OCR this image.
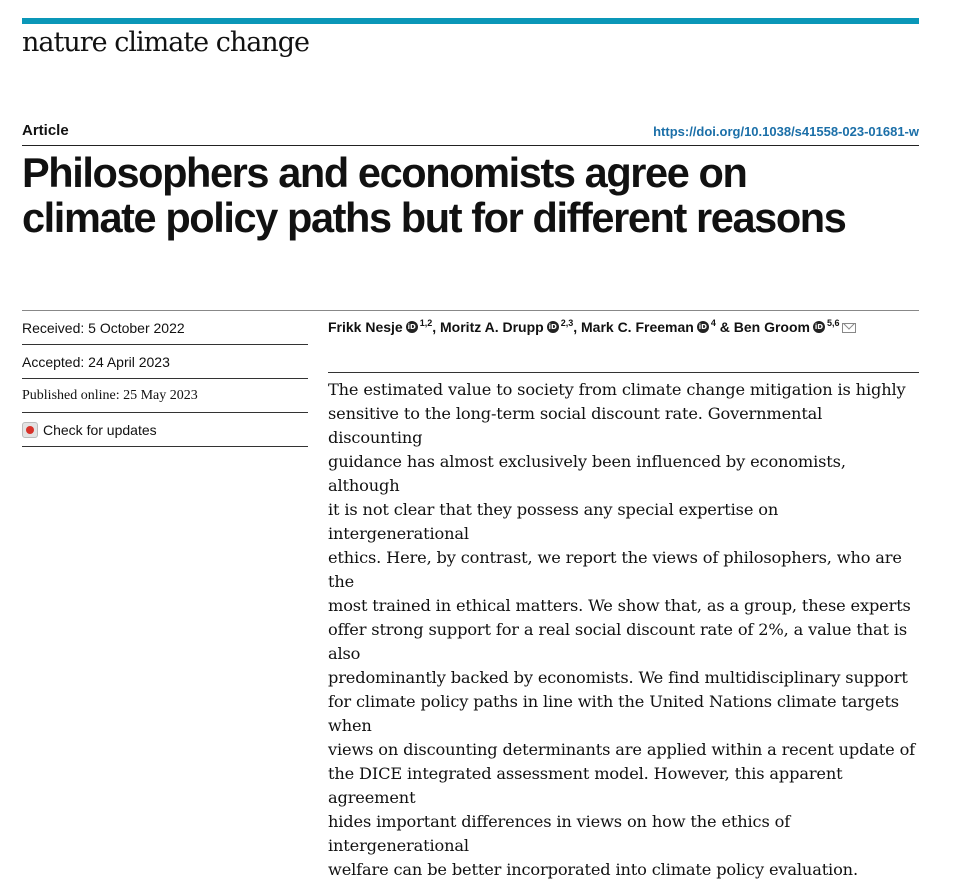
nature climate change
Article	https://doi.org/10.1038/s41558-023-01681-w
Philosophers and economists agree on
climate policy paths but for different reasons
Received: 5 October 2022
Accepted: 24 April 2023
Published online: 25 May 2023
Check for updates
Frikk Nesje iD $^{1,2}$ , Moritz A. Drupp iD $^{2,3}$ , Mark C. Freeman iD $^4$ & Ben Groom iD $^{5,6}$

The estimated value to society from climate change mitigation is highly
sensitive to the long-term social discount rate. Governmental discounting
guidance has almost exclusively been influenced by economists, although
it is not clear that they possess any special expertise on intergenerational
ethics. Here, by contrast, we report the views of philosophers, who are the
most trained in ethical matters. We show that, as a group, these experts
offer strong support for a real social discount rate of 2%, a value that is also
predominantly backed by economists. We find multidisciplinary support
for climate policy paths in line with the United Nations climate targets when
views on discounting determinants are applied within a recent update of
the DICE integrated assessment model. However, this apparent agreement
hides important differences in views on how the ethics of intergenerational
welfare can be better incorporated into climate policy evaluation.
